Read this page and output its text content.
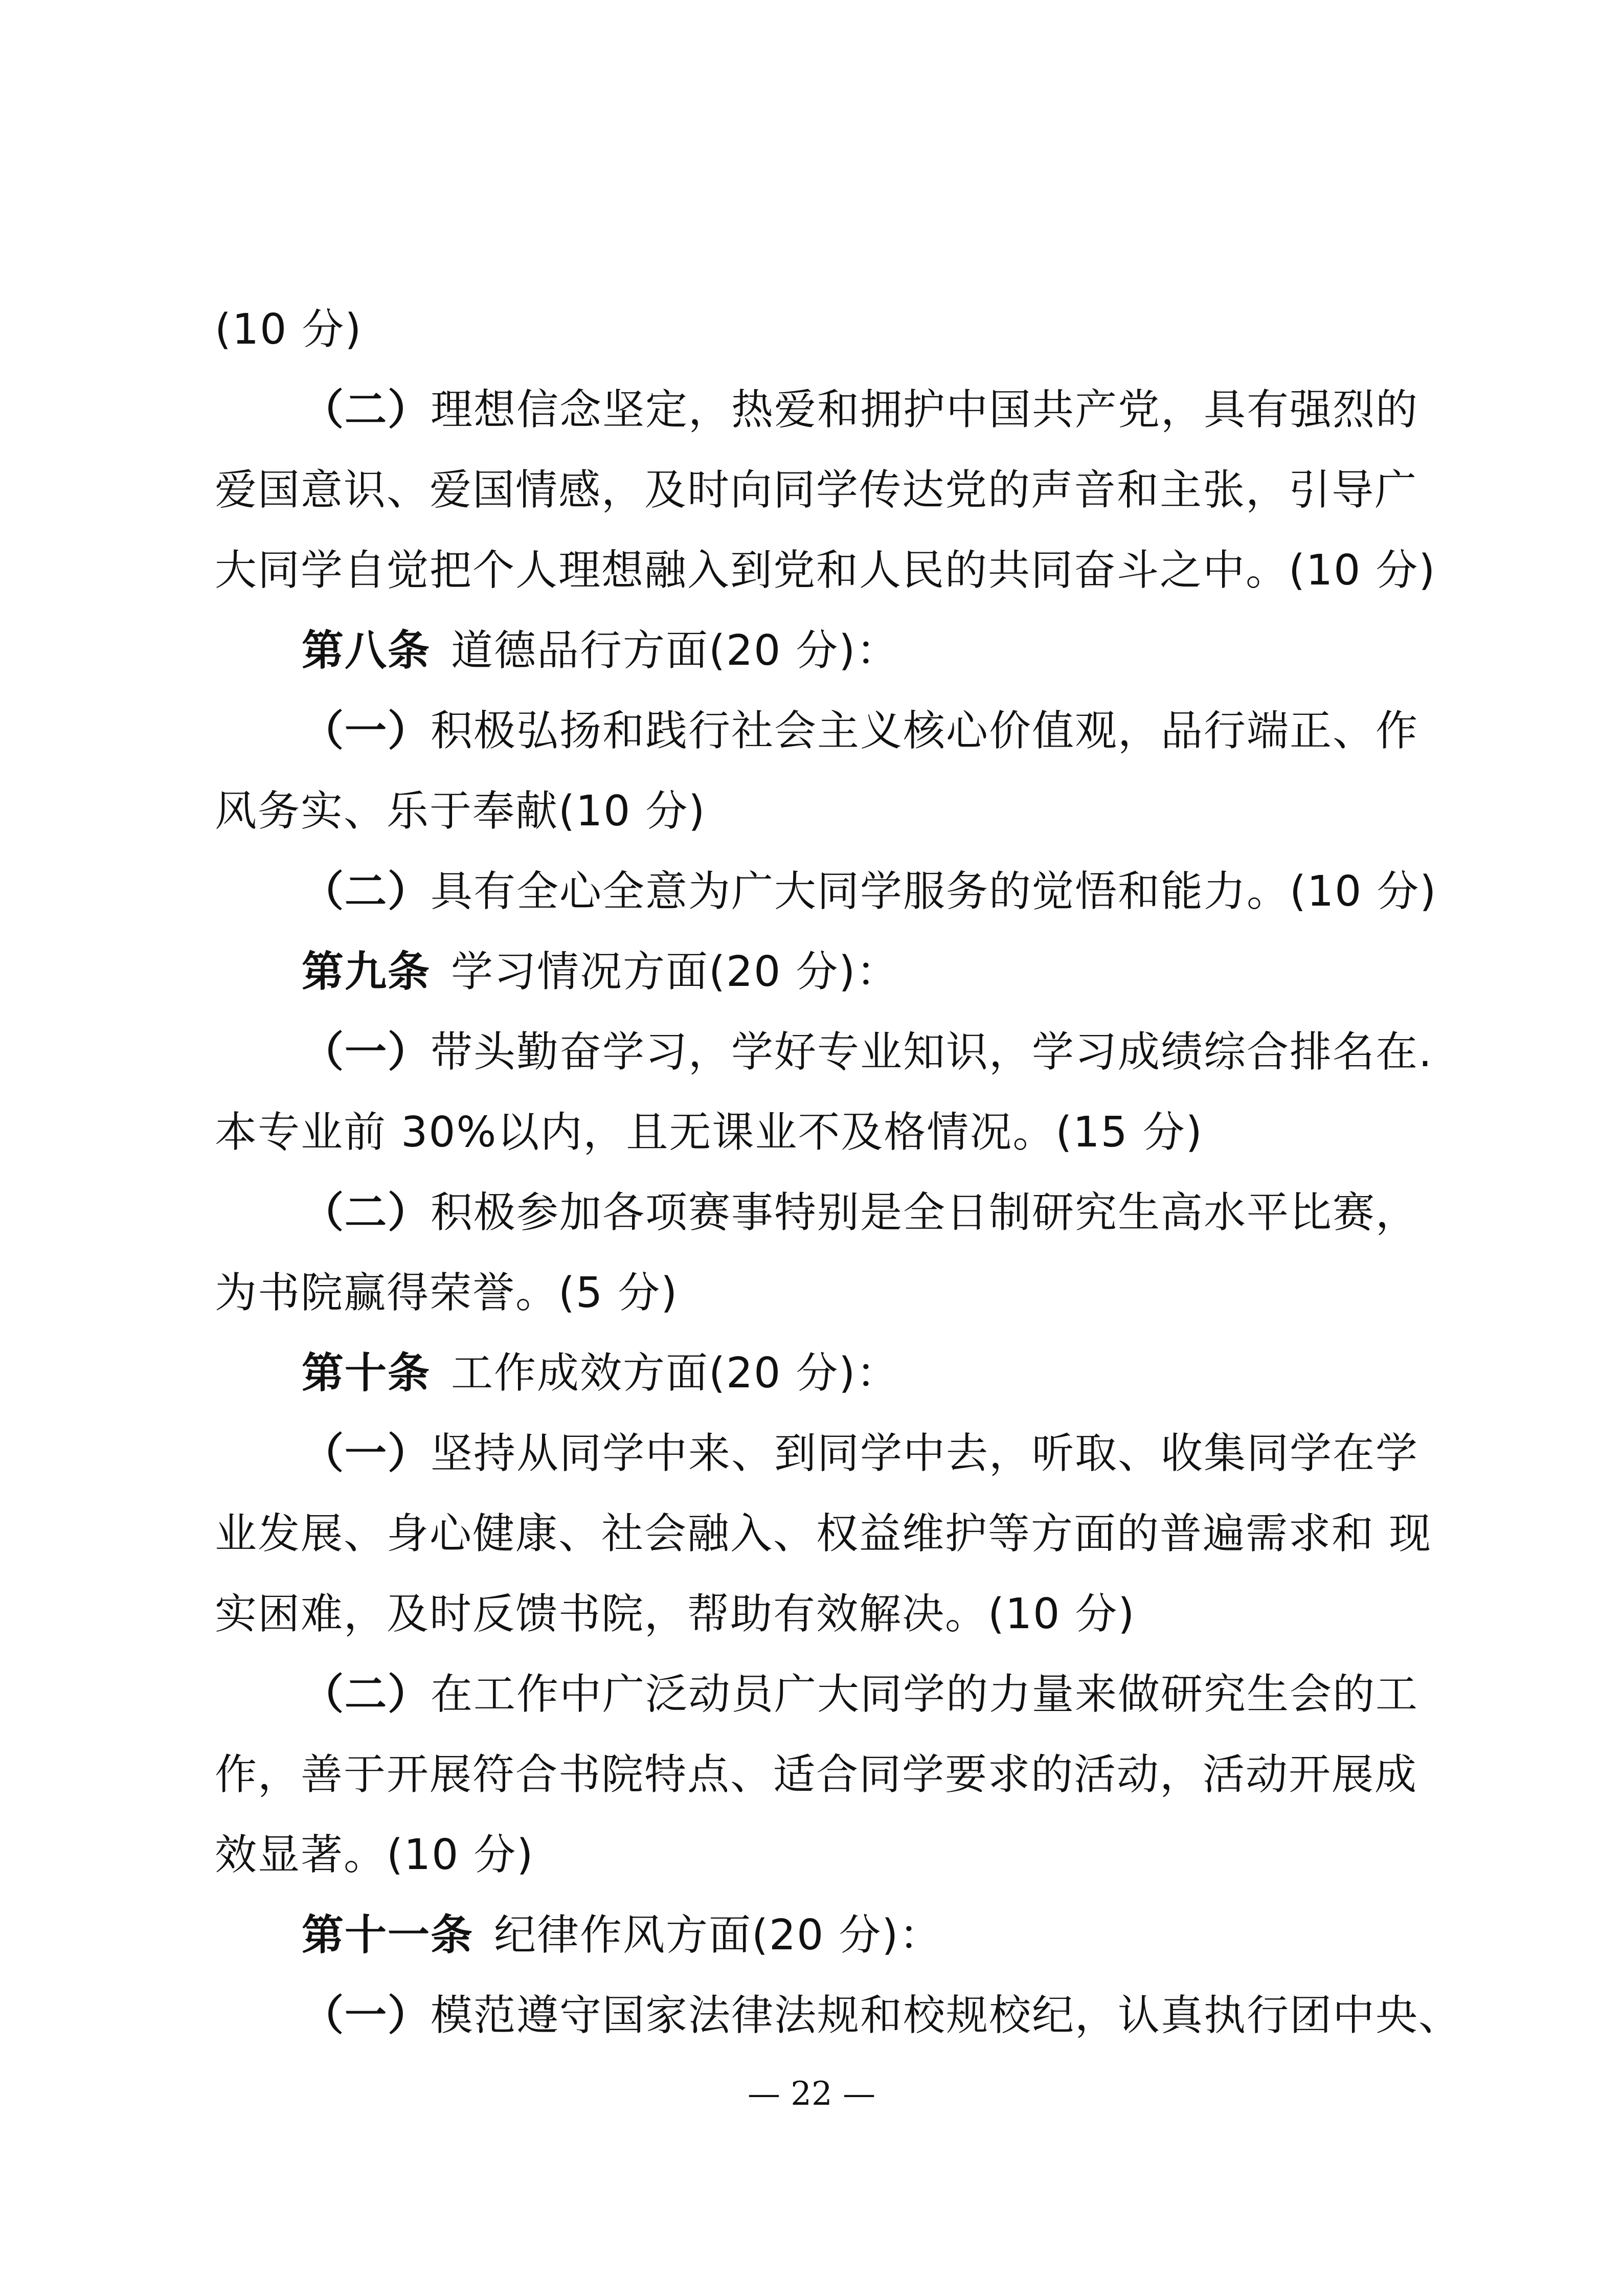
(10 分)
（二）理想信念坚定，热爱和拥护中国共产党，具有强烈的
爱国意识、爱国情感，及时向同学传达党的声音和主张，引导广
大同学自觉把个人理想融入到党和人民的共同奋斗之中。(10 分)
第八条 道德品行方面(20 分)：
（一）积极弘扬和践行社会主义核心价值观，品行端正、作
风务实、乐于奉献(10 分)
（二）具有全心全意为广大同学服务的觉悟和能力。(10 分)
第九条 学习情况方面(20 分)：
（一）带头勤奋学习，学好专业知识，学习成绩综合排名在.
本专业前 30%以内，且无课业不及格情况。(15 分)
（二）积极参加各项赛事特别是全日制研究生高水平比赛，
为书院赢得荣誉。(5 分)
第十条 工作成效方面(20 分)：
（一）坚持从同学中来、到同学中去，听取、收集同学在学
业发展、身心健康、社会融入、权益维护等方面的普遍需求和 现
实困难，及时反馈书院，帮助有效解决。(10 分)
（二）在工作中广泛动员广大同学的力量来做研究生会的工
作，善于开展符合书院特点、适合同学要求的活动，活动开展成
效显著。(10 分)
第十一条 纪律作风方面(20 分)：
（一）模范遵守国家法律法规和校规校纪，认真执行团中央、
— 22 —
